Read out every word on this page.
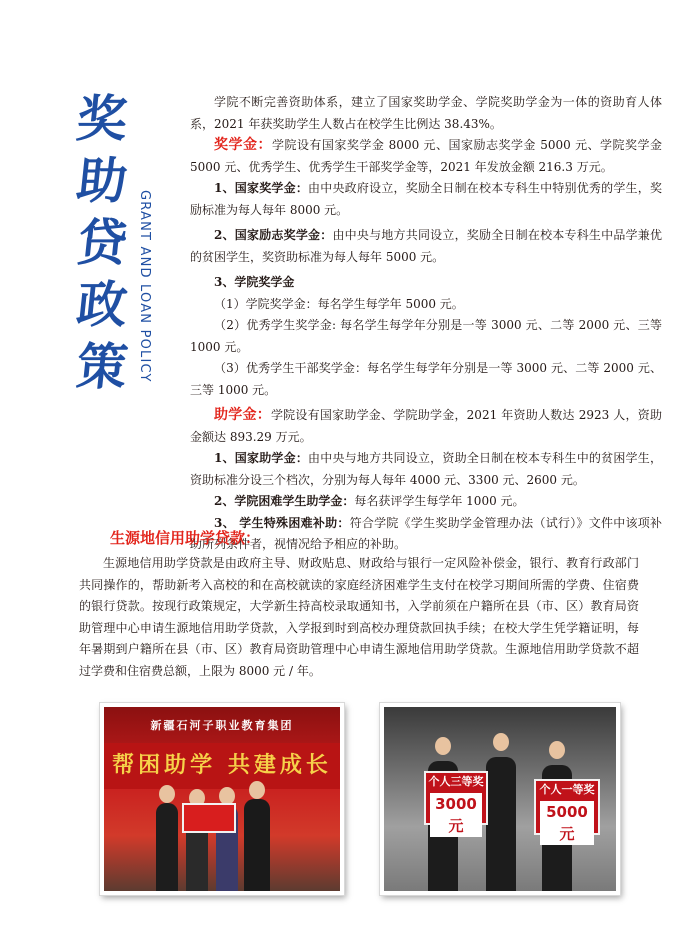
奖
助
贷
政
策 GRANT AND LOAN POLICY

学院不断完善资助体系，建立了国家奖助学金、学院奖助学金为一体的资助育人体系，2021 年获奖助学生人数占在校学生比例达 38.43%。

奖学金：学院设有国家奖学金 8000 元、国家励志奖学金 5000 元、学院奖学金 5000 元、优秀学生、优秀学生干部奖学金等，2021 年发放金额 216.3 万元。

1、国家奖学金：由中央政府设立，奖励全日制在校本专科生中特别优秀的学生，奖励标准为每人每年 8000 元。

2、国家励志奖学金：由中央与地方共同设立，奖励全日制在校本专科生中品学兼优的贫困学生，奖资助标准为每人每年 5000 元。

3、学院奖学金

（1）学院奖学金：每名学生每学年 5000 元。

（2）优秀学生奖学金: 每名学生每学年分别是一等 3000 元、二等 2000 元、三等 1000 元。

（3）优秀学生干部奖学金：每名学生每学年分别是一等 3000 元、二等 2000 元、三等 1000 元。

助学金：学院设有国家助学金、学院助学金，2021 年资助人数达 2923 人，资助金额达 893.29 万元。

1、国家助学金：由中央与地方共同设立，资助全日制在校本专科生中的贫困学生，资助标准分设三个档次，分别为每人每年 4000 元、3300 元、2600 元。

2、学院困难学生助学金：每名获评学生每学年 1000 元。

3、 学生特殊困难补助：符合学院《学生奖助学金管理办法（试行）》文件中该项补助所列条件者，视情况给予相应的补助。

生源地信用助学贷款：

生源地信用助学贷款是由政府主导、财政贴息、财政给与银行一定风险补偿金，银行、教育行政部门共同操作的，帮助新考入高校的和在高校就读的家庭经济困难学生支付在校学习期间所需的学费、住宿费的银行贷款。按现行政策规定，大学新生持高校录取通知书，入学前须在户籍所在县（市、区）教育局资助管理中心申请生源地信用助学贷款，入学报到时到高校办理贷款回执手续；在校大学生凭学籍证明，每年暑期到户籍所在县（市、区）教育局资助管理中心申请生源地信用助学贷款。生源地信用助学贷款不超过学费和住宿费总额，上限为 8000 元 / 年。

新疆石河子职业教育集团
帮困助学 共建成长
个人三等奖
3000元
个人一等奖
5000元
